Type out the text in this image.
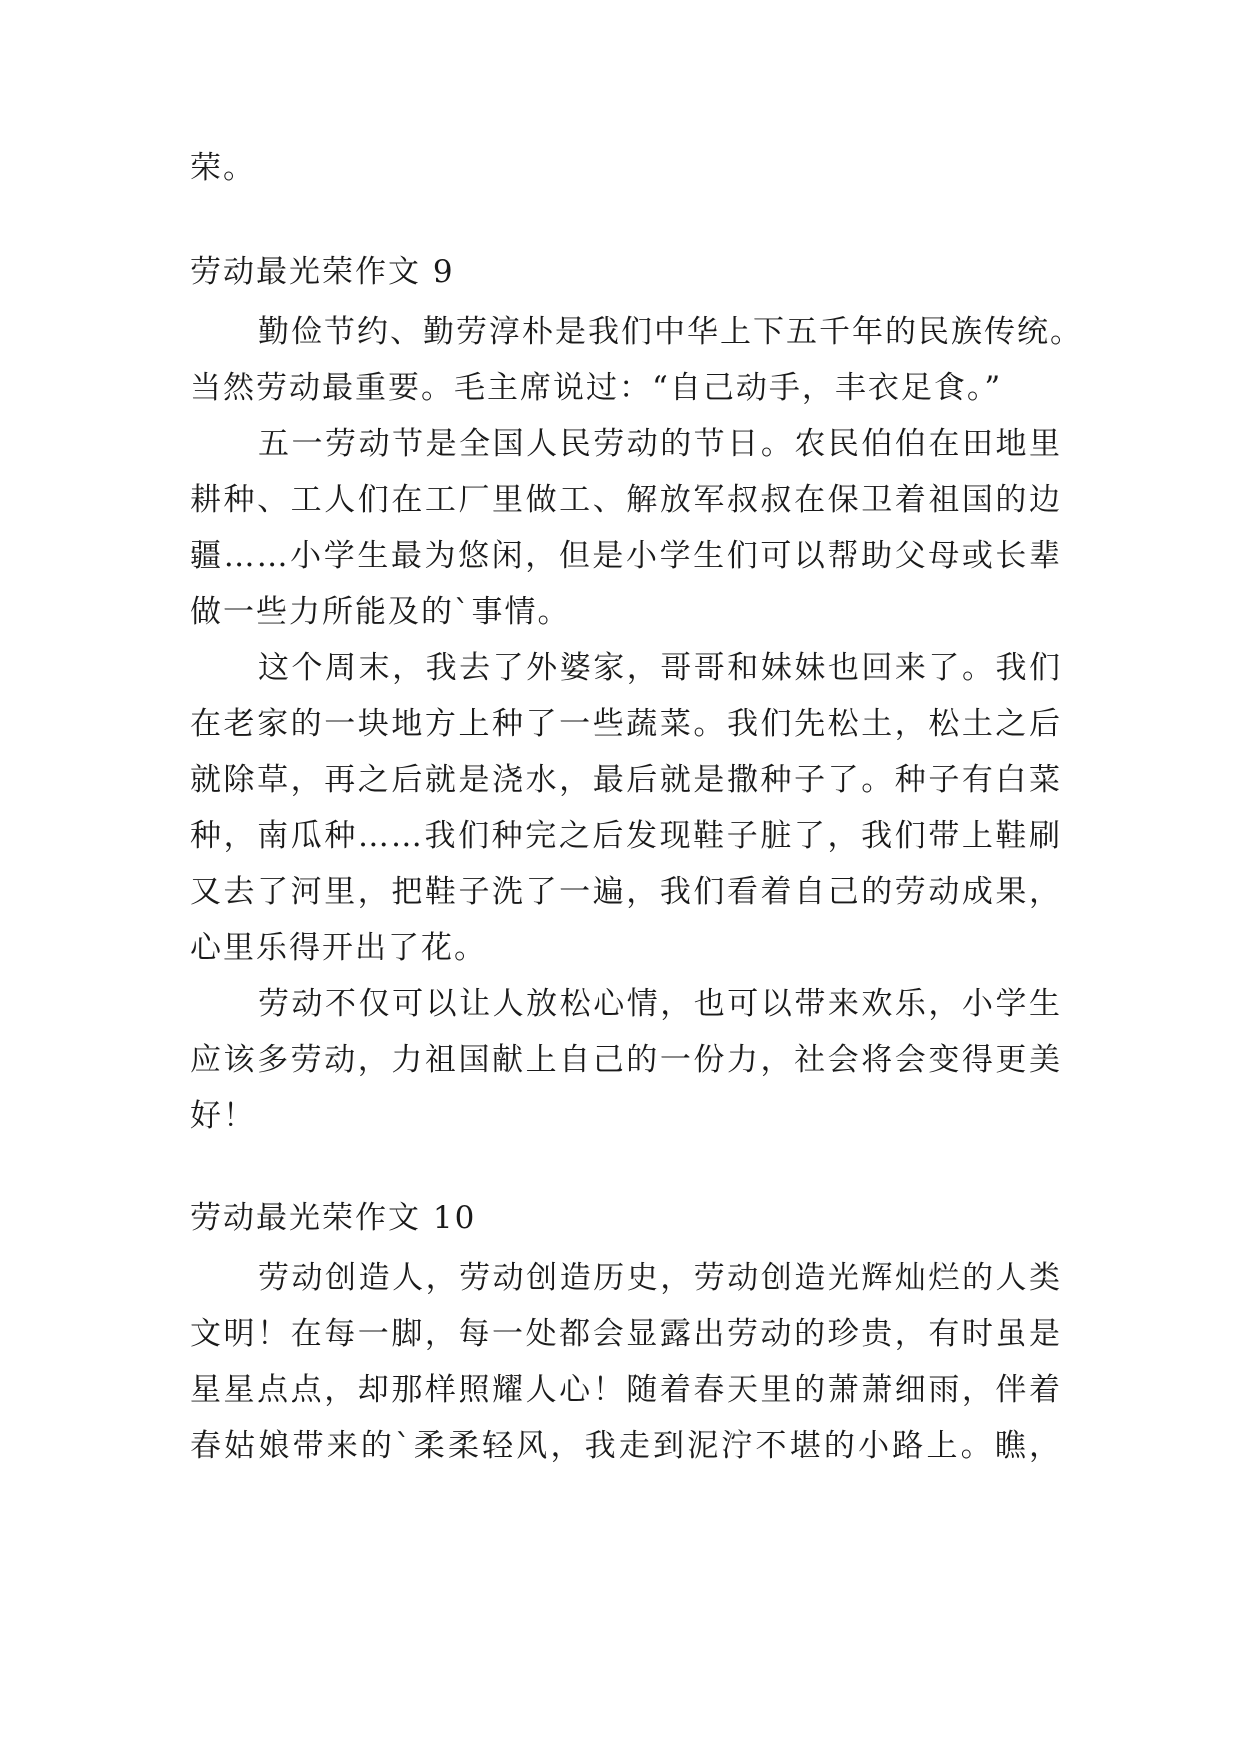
荣。
劳动最光荣作文 9
勤俭节约、勤劳淳朴是我们中华上下五千年的民族传统。
当然劳动最重要。毛主席说过：“自己动手，丰衣足食。”
五一劳动节是全国人民劳动的节日。农民伯伯在田地里
耕种、工人们在工厂里做工、解放军叔叔在保卫着祖国的边
疆……小学生最为悠闲，但是小学生们可以帮助父母或长辈
做一些力所能及的`事情。
这个周末，我去了外婆家，哥哥和妹妹也回来了。我们
在老家的一块地方上种了一些蔬菜。我们先松土，松土之后
就除草，再之后就是浇水，最后就是撒种子了。种子有白菜
种，南瓜种……我们种完之后发现鞋子脏了，我们带上鞋刷
又去了河里，把鞋子洗了一遍，我们看着自己的劳动成果，
心里乐得开出了花。
劳动不仅可以让人放松心情，也可以带来欢乐，小学生
应该多劳动，力祖国献上自己的一份力，社会将会变得更美
好！
劳动最光荣作文 10
劳动创造人，劳动创造历史，劳动创造光辉灿烂的人类
文明！在每一脚，每一处都会显露出劳动的珍贵，有时虽是
星星点点，却那样照耀人心！随着春天里的萧萧细雨，伴着
春姑娘带来的`柔柔轻风，我走到泥泞不堪的小路上。瞧，
